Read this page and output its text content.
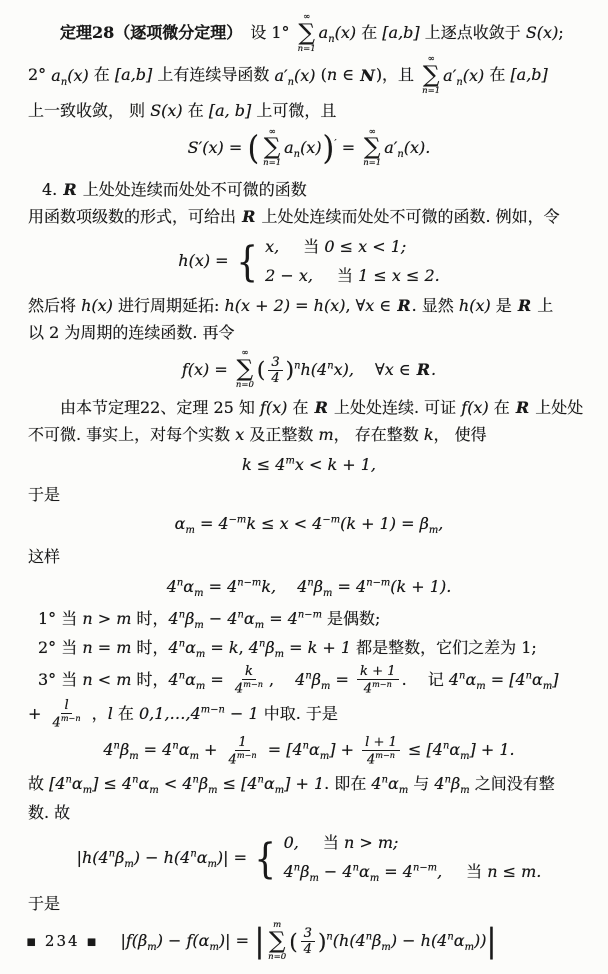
定理28（逐项微分定理）　设 1°
∞
∑
n=1
$a_n(x)$ 在 [a,b] 上逐点收敛于 S(x);
2° $a_n(x)$ 在 [a,b] 上有连续导函数 $a'_n(x)$ (n ∈ N)，且
∞
∑
n=1
$a'_n(x)$ 在 [a,b]
上一致收敛， 则 S(x) 在 [a, b] 上可微，且
S′(x) = ( ∞
∑
n=1
$a_n(x))'$ =
∞
∑
n=1
$a'_n(x)$.
4. R 上处处连续而处处不可微的函数
用函数项级数的形式，可给出 R 上处处连续而处处不可微的函数. 例如，令
h(x) = { x, 当 0 ≤ x < 1;
2 − x, 当 1 ≤ x ≤ 2.
然后将 h(x) 进行周期延拓: h(x + 2) = h(x), ∀x ∈ R. 显然 h(x) 是 R 上
以 2 为周期的连续函数. 再令
f(x) =
∞
∑
n=0
( $\frac{3}{4} )^nh(4^nx)$, 　∀x ∈ R.
由本节定理22、定理 25 知 f(x) 在 R 上处处连续. 可证 f(x) 在 R 上处处
不可微. 事实上，对每个实数 x 及正整数 m， 存在整数 k， 使得
$k \le 4^mx < k + 1$,
于是
$\alpha_m = 4^{-m}k \le x < 4^{-m}(k + 1) = \beta_m$,
这样
$4^n\alpha_m = 4^{n-m}k$, 　$4^n\beta_m = 4^{n-m}(k + 1)$.
1° 当 n > m 时，$4^n\beta_m - 4^n\alpha_m = 4^{n-m}$ 是偶数;
2° 当 n = m 时，$4^n\alpha_m = k$, $4^n\beta_m = k + 1$ 都是整数，它们之差为 1;
3° 当 n < m 时，$4^n\alpha_m = \frac{k}{4^{m-n}}$ , 　$4^n\beta_m = \frac{k + 1}{4^{m-n}}$ . 　记 $4^n\alpha_m = [4^n\alpha_m]$
+ $\frac{l}{4^{m-n}}$ ，l 在 $0,1,\dots,4^{m-n} - 1$ 中取. 于是
$4^n\beta_m = 4^n\alpha_m + \frac{1}{4^{m-n}} = [4^n\alpha_m] + \frac{l + 1}{4^{m-n}} \le [4^n\alpha_m] + 1$.
故 $[4^n\alpha_m] \le 4^n\alpha_m < 4^n\beta_m \le [4^n\alpha_m] + 1$. 即在 $4^n\alpha_m$ 与 $4^n\beta_m$ 之间没有整
数. 故
$|h(4^n\beta_m) - h(4^n\alpha_m)|$ = { 0, 当 n > m;
$4^n\beta_m - 4^n\alpha_m = 4^{n-m}$, 当 n ≤ m.
于是
$|f(\beta_m) - f(\alpha_m)|$ = | m
∑
n=0
( $\frac{3}{4} )^n(h(4^n\beta_m) - h(4^n\alpha_m))|$
▪ 234 ▪
